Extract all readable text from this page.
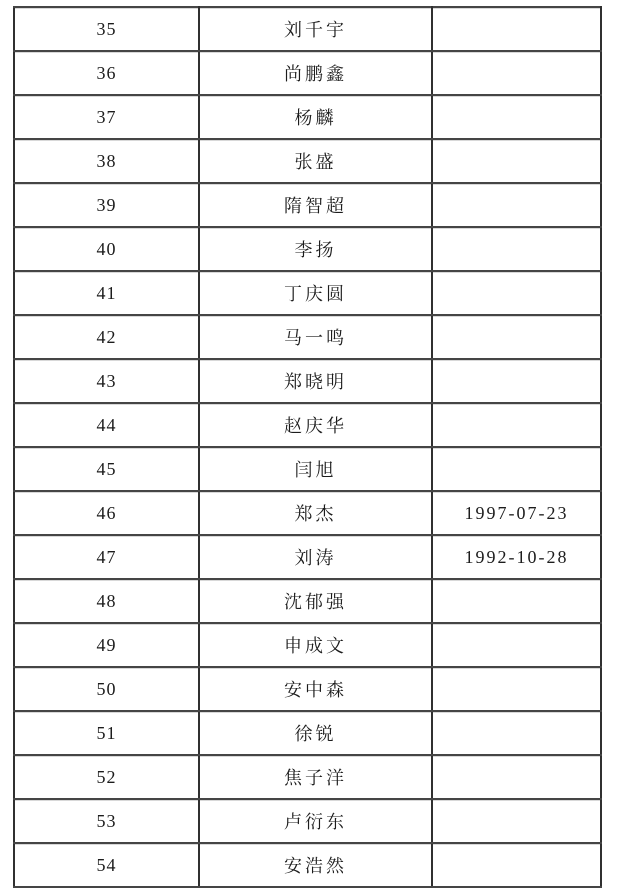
35	刘千宇	
36	尚鹏鑫	
37	杨麟	
38	张盛	
39	隋智超	
40	李扬	
41	丁庆圆	
42	马一鸣	
43	郑晓明	
44	赵庆华	
45	闫旭	
46	郑杰	1997-07-23
47	刘涛	1992-10-28
48	沈郁强	
49	申成文	
50	安中森	
51	徐锐	
52	焦子洋	
53	卢衍东	
54	安浩然	
